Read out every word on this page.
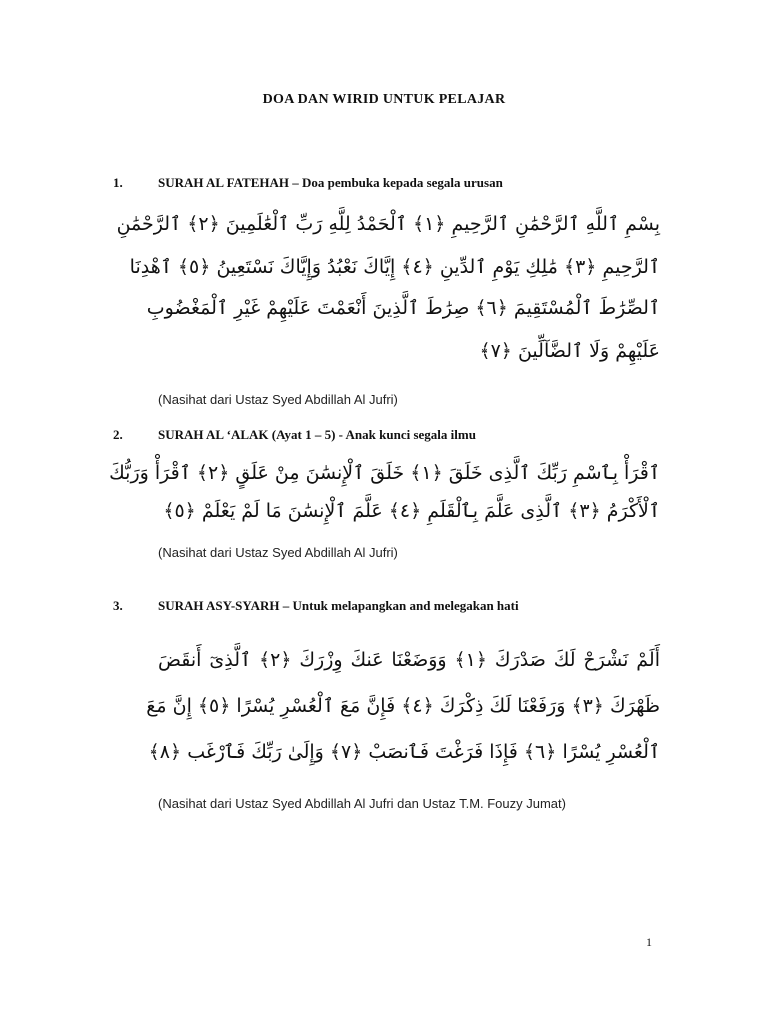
DOA DAN WIRID UNTUK PELAJAR
1.	SURAH AL FATEHAH – Doa pembuka kepada segala urusan
بِسْمِ ٱللَّهِ ٱلرَّحْمَٰنِ ٱلرَّحِيمِ ﴿١﴾ ٱلْحَمْدُ لِلَّهِ رَبِّ ٱلْعَٰلَمِينَ ﴿٢﴾ ٱلرَّحْمَٰنِ
ٱلرَّحِيمِ ﴿٣﴾ مَٰلِكِ يَوْمِ ٱلدِّينِ ﴿٤﴾ إِيَّاكَ نَعْبُدُ وَإِيَّاكَ نَسْتَعِينُ ﴿٥﴾ ٱهْدِنَا
ٱلصِّرَٰطَ ٱلْمُسْتَقِيمَ ﴿٦﴾ صِرَٰطَ ٱلَّذِينَ أَنْعَمْتَ عَلَيْهِمْ غَيْرِ ٱلْمَغْضُوبِ
عَلَيْهِمْ وَلَا ٱلضَّآلِّينَ ﴿٧﴾
(Nasihat dari Ustaz Syed Abdillah Al Jufri)
2.	SURAH AL ‘ALAK (Ayat 1 – 5) - Anak kunci segala ilmu
ٱقْرَأْ بِٱسْمِ رَبِّكَ ٱلَّذِى خَلَقَ ﴿١﴾ خَلَقَ ٱلْإِنسَٰنَ مِنْ عَلَقٍ ﴿٢﴾ ٱقْرَأْ وَرَبُّكَ
ٱلْأَكْرَمُ ﴿٣﴾ ٱلَّذِى عَلَّمَ بِٱلْقَلَمِ ﴿٤﴾ عَلَّمَ ٱلْإِنسَٰنَ مَا لَمْ يَعْلَمْ ﴿٥﴾
(Nasihat dari Ustaz Syed Abdillah Al Jufri)
3.	SURAH ASY-SYARH – Untuk melapangkan and melegakan hati
أَلَمْ نَشْرَحْ لَكَ صَدْرَكَ ﴿١﴾ وَوَضَعْنَا عَنكَ وِزْرَكَ ﴿٢﴾ ٱلَّذِىٓ أَنقَضَ
ظَهْرَكَ ﴿٣﴾ وَرَفَعْنَا لَكَ ذِكْرَكَ ﴿٤﴾ فَإِنَّ مَعَ ٱلْعُسْرِ يُسْرًا ﴿٥﴾ إِنَّ مَعَ
ٱلْعُسْرِ يُسْرًا ﴿٦﴾ فَإِذَا فَرَغْتَ فَٱنصَبْ ﴿٧﴾ وَإِلَىٰ رَبِّكَ فَٱرْغَب ﴿٨﴾
(Nasihat dari Ustaz Syed Abdillah Al Jufri dan Ustaz T.M. Fouzy Jumat)
1
